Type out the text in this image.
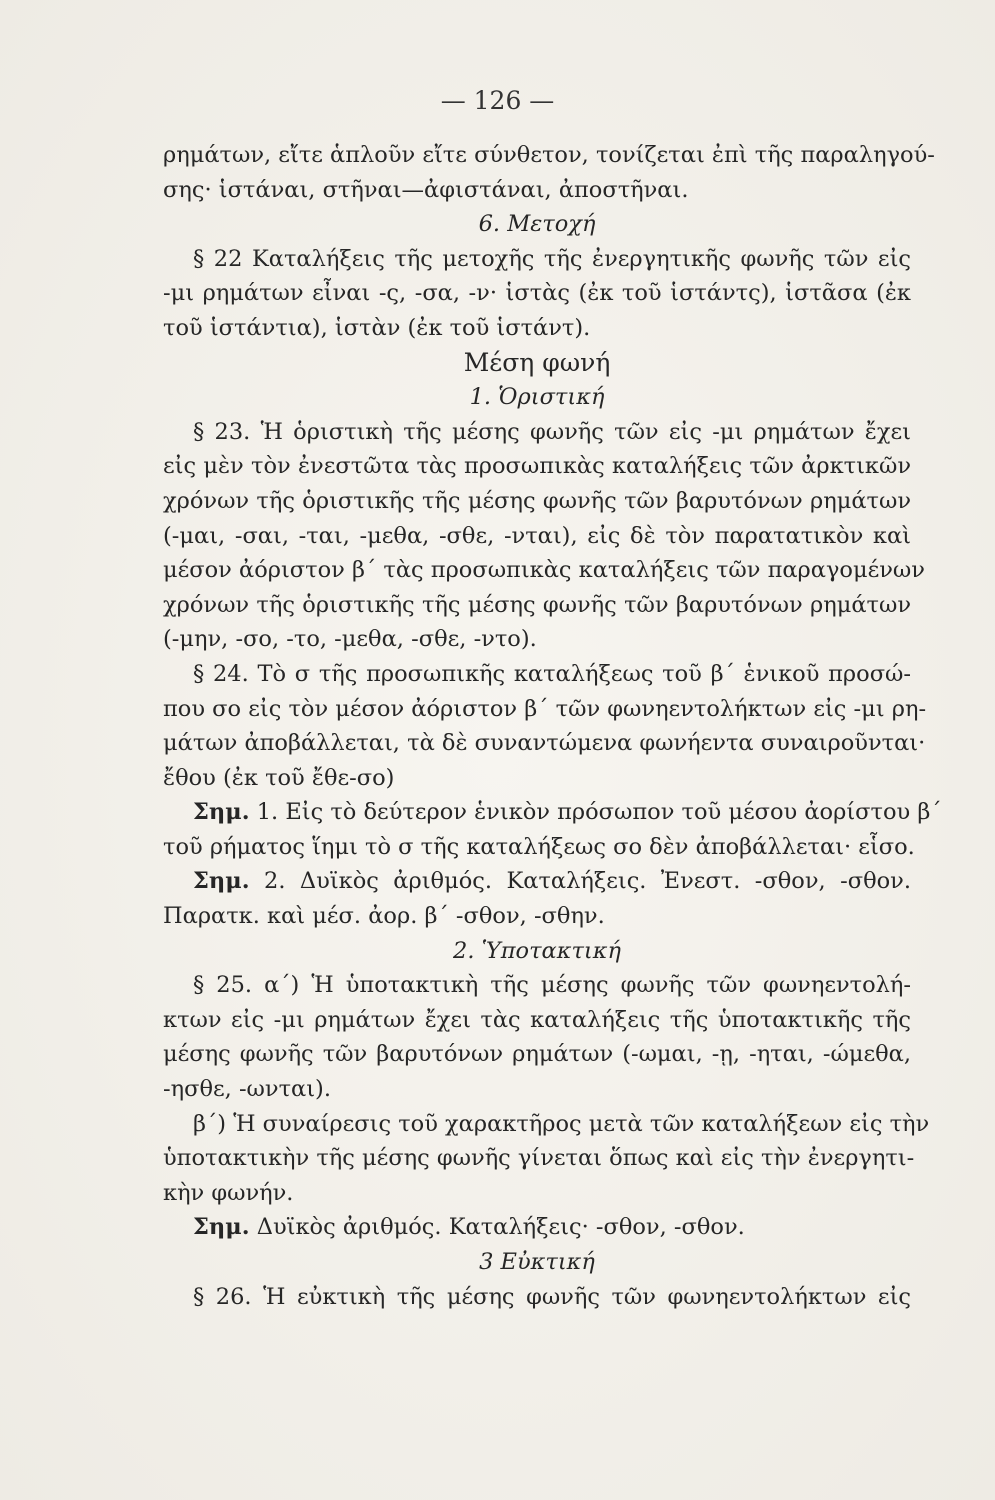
— 126 —
ρημάτων, εἴτε ἁπλοῦν εἴτε σύνθετον, τονίζεται ἐπὶ τῆς παραληγού-
σης· ἱστάναι, στῆναι—ἀφιστάναι, ἀποστῆναι.
6. Μετοχή
§ 22 Καταλήξεις τῆς μετοχῆς τῆς ἐνεργητικῆς φωνῆς τῶν εἰς
-μι ρημάτων εἶναι -ς, -σα, -ν· ἱστὰς (ἐκ τοῦ ἱστάντς), ἱστᾶσα (ἐκ
τοῦ ἱστάντια), ἱστὰν (ἐκ τοῦ ἱστάντ).
Μέση φωνή
1. Ὁριστική
§ 23. Ἡ ὁριστικὴ τῆς μέσης φωνῆς τῶν εἰς -μι ρημάτων ἔχει
εἰς μὲν τὸν ἐνεστῶτα τὰς προσωπικὰς καταλήξεις τῶν ἀρκτικῶν
χρόνων τῆς ὁριστικῆς τῆς μέσης φωνῆς τῶν βαρυτόνων ρημάτων
(-μαι, -σαι, -ται, -μεθα, -σθε, -νται), εἰς δὲ τὸν παρατατικὸν καὶ
μέσον ἀόριστον β΄ τὰς προσωπικὰς καταλήξεις τῶν παραγομένων
χρόνων τῆς ὁριστικῆς τῆς μέσης φωνῆς τῶν βαρυτόνων ρημάτων
(-μην, -σο, -το, -μεθα, -σθε, -ντο).
§ 24. Τὸ σ τῆς προσωπικῆς καταλήξεως τοῦ β΄ ἑνικοῦ προσώ-
που σο εἰς τὸν μέσον ἀόριστον β΄ τῶν φωνηεντολήκτων εἰς -μι ρη-
μάτων ἀποβάλλεται, τὰ δὲ συναντώμενα φωνήεντα συναιροῦνται·
ἔθου (ἐκ τοῦ ἔθε-σο)
Σημ. 1. Εἰς τὸ δεύτερον ἑνικὸν πρόσωπον τοῦ μέσου ἀορίστου β΄
τοῦ ρήματος ἵημι τὸ σ τῆς καταλήξεως σο δὲν ἀποβάλλεται· εἷσο.
Σημ. 2. Δυϊκὸς ἀριθμός. Καταλήξεις. Ἐνεστ. -σθον, -σθον.
Παρατκ. καὶ μέσ. ἀορ. β΄ -σθον, -σθην.
2. Ὑποτακτική
§ 25. α΄) Ἡ ὑποτακτικὴ τῆς μέσης φωνῆς τῶν φωνηεντολή-
κτων εἰς -μι ρημάτων ἔχει τὰς καταλήξεις τῆς ὑποτακτικῆς τῆς
μέσης φωνῆς τῶν βαρυτόνων ρημάτων (-ωμαι, -ῃ, -ηται, -ώμεθα,
-ησθε, -ωνται).
β΄) Ἡ συναίρεσις τοῦ χαρακτῆρος μετὰ τῶν καταλήξεων εἰς τὴν
ὑποτακτικὴν τῆς μέσης φωνῆς γίνεται ὅπως καὶ εἰς τὴν ἐνεργητι-
κὴν φωνήν.
Σημ. Δυϊκὸς ἀριθμός. Καταλήξεις· -σθον, -σθον.
3 Εὐκτική
§ 26. Ἡ εὐκτικὴ τῆς μέσης φωνῆς τῶν φωνηεντολήκτων εἰς
